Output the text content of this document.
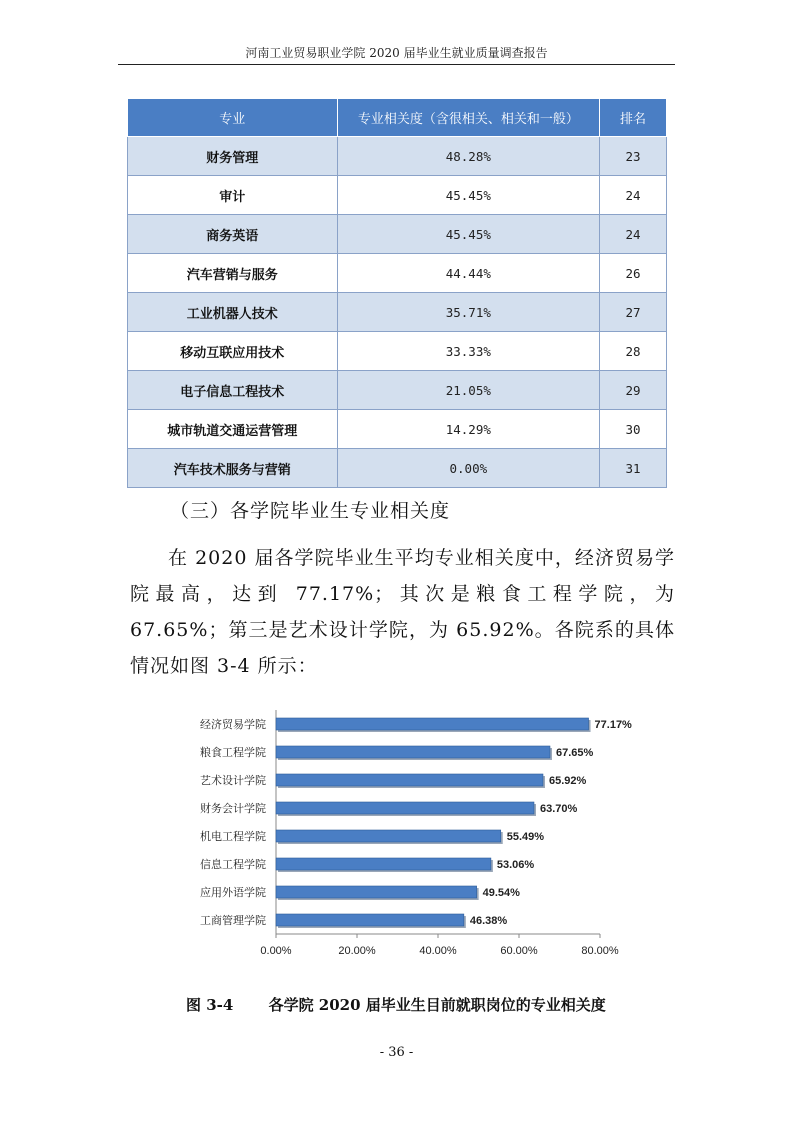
河南工业贸易职业学院 2020 届毕业生就业质量调查报告
专业	专业相关度（含很相关、相关和一般）	排名
财务管理	48.28%	23
审计	45.45%	24
商务英语	45.45%	24
汽车营销与服务	44.44%	26
工业机器人技术	35.71%	27
移动互联应用技术	33.33%	28
电子信息工程技术	21.05%	29
城市轨道交通运营管理	14.29%	30
汽车技术服务与营销	0.00%	31
（三）各学院毕业生专业相关度
在 2020 届各学院毕业生平均专业相关度中，经济贸易学院最高，达到 77.17%；其次是粮食工程学院，为 67.65%；第三是艺术设计学院，为 65.92%。各院系的具体情况如图 3-4 所示：
经济贸易学院	77.17%
粮食工程学院	67.65%
艺术设计学院	65.92%
财务会计学院	63.70%
机电工程学院	55.49%
信息工程学院	53.06%
应用外语学院	49.54%
工商管理学院	46.38%
0.00%	20.00%	40.00%	60.00%	80.00%
图 3-4 各学院 2020 届毕业生目前就职岗位的专业相关度
- 36 -
